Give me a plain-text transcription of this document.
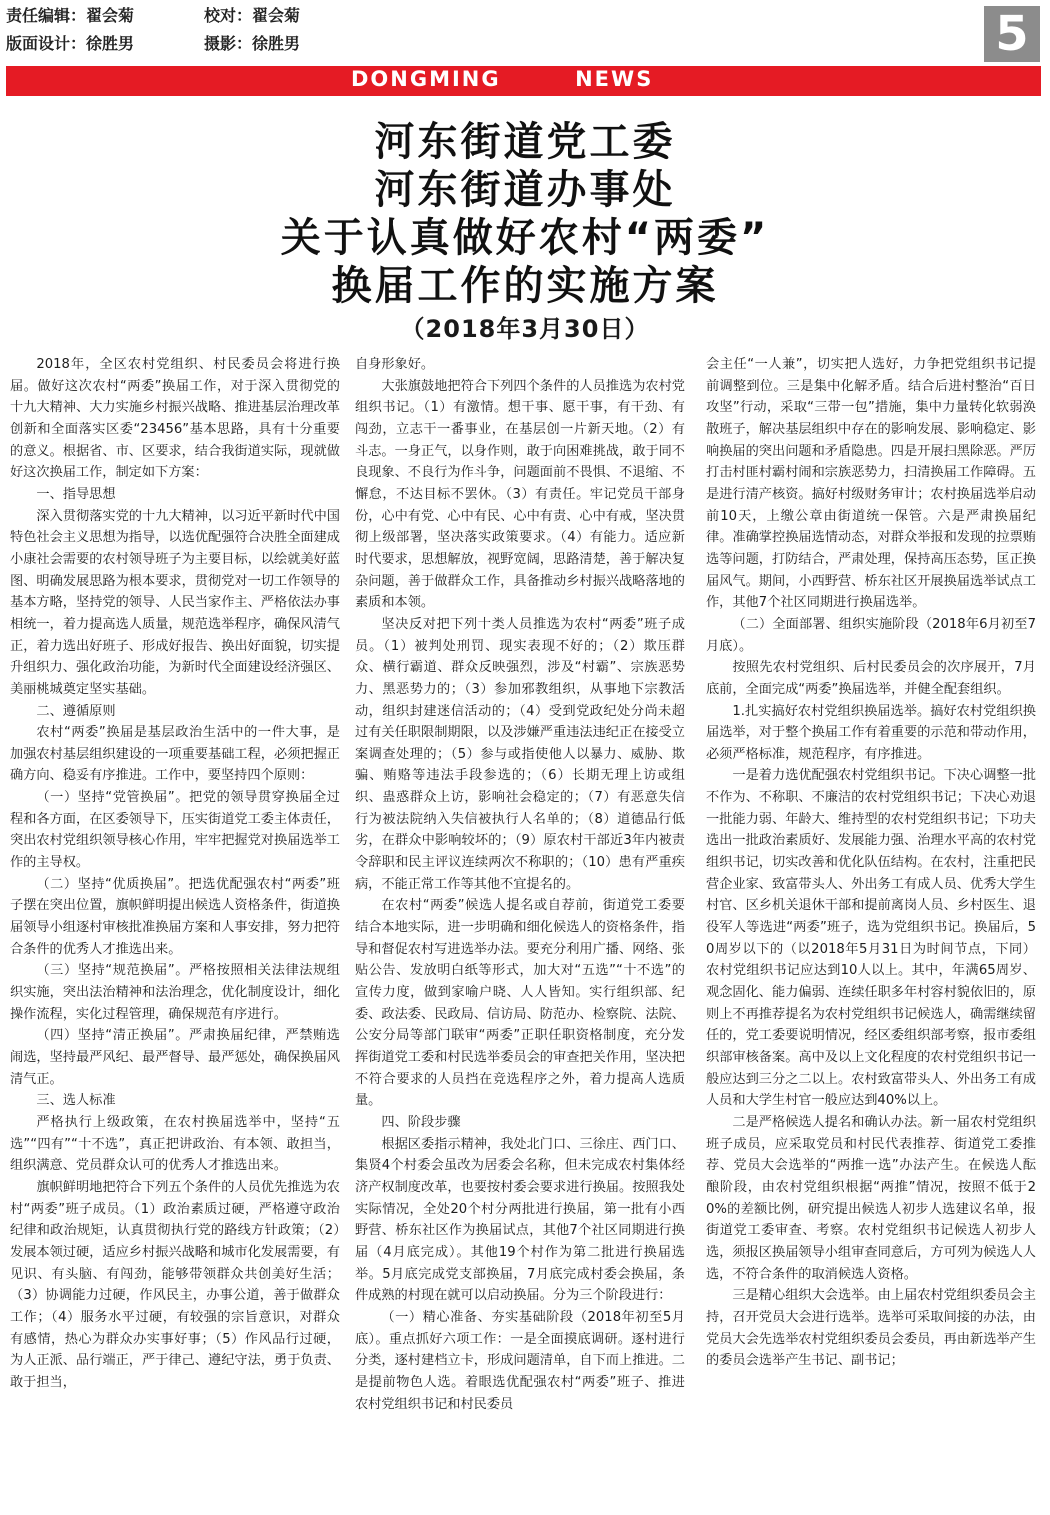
责任编辑：翟会菊	校对：翟会菊
版面设计：徐胜男	摄影：徐胜男	5
DONGMING        NEWS
河东街道党工委
河东街道办事处
关于认真做好农村“两委”
换届工作的实施方案
（2018年3月30日）

2018年，全区农村党组织、村民委员会将进行换届。做好这次农村“两委”换届工作，对于深入贯彻党的十九大精神、大力实施乡村振兴战略、推进基层治理改革创新和全面落实区委“23456”基本思路，具有十分重要的意义。根据省、市、区要求，结合我街道实际，现就做好这次换届工作，制定如下方案：

一、指导思想

深入贯彻落实党的十九大精神，以习近平新时代中国特色社会主义思想为指导，以选优配强符合决胜全面建成小康社会需要的农村领导班子为主要目标，以绘就美好蓝图、明确发展思路为根本要求，贯彻党对一切工作领导的基本方略，坚持党的领导、人民当家作主、严格依法办事相统一，着力提高选人质量，规范选举程序，确保风清气正，着力选出好班子、形成好报告、换出好面貌，切实提升组织力、强化政治功能，为新时代全面建设经济强区、美丽桃城奠定坚实基础。

二、遵循原则

农村“两委”换届是基层政治生活中的一件大事，是加强农村基层组织建设的一项重要基础工程，必须把握正确方向、稳妥有序推进。工作中，要坚持四个原则：

（一）坚持“党管换届”。把党的领导贯穿换届全过程和各方面，在区委领导下，压实街道党工委主体责任，突出农村党组织领导核心作用，牢牢把握党对换届选举工作的主导权。

（二）坚持“优质换届”。把选优配强农村“两委”班子摆在突出位置，旗帜鲜明提出候选人资格条件，街道换届领导小组逐村审核批准换届方案和人事安排，努力把符合条件的优秀人才推选出来。

（三）坚持“规范换届”。严格按照相关法律法规组织实施，突出法治精神和法治理念，优化制度设计，细化操作流程，实化过程管理，确保规范有序进行。

（四）坚持“清正换届”。严肃换届纪律，严禁贿选闹选，坚持最严风纪、最严督导、最严惩处，确保换届风清气正。

三、选人标准

严格执行上级政策，在农村换届选举中，坚持“五选”“四有”“十不选”，真正把讲政治、有本领、敢担当，组织满意、党员群众认可的优秀人才推选出来。

旗帜鲜明地把符合下列五个条件的人员优先推选为农村“两委”班子成员。（1）政治素质过硬，严格遵守政治纪律和政治规矩，认真贯彻执行党的路线方针政策；（2）发展本领过硬，适应乡村振兴战略和城市化发展需要，有见识、有头脑、有闯劲，能够带领群众共创美好生活；（3）协调能力过硬，作风民主，办事公道，善于做群众工作；（4）服务水平过硬，有较强的宗旨意识，对群众有感情，热心为群众办实事好事；（5）作风品行过硬，为人正派、品行端正，严于律己、遵纪守法，勇于负责、敢于担当，

自身形象好。

大张旗鼓地把符合下列四个条件的人员推选为农村党组织书记。（1）有激情。想干事、愿干事，有干劲、有闯劲，立志干一番事业，在基层创一片新天地。（2）有斗志。一身正气，以身作则，敢于向困难挑战，敢于同不良现象、不良行为作斗争，问题面前不畏惧、不退缩、不懈怠，不达目标不罢休。（3）有责任。牢记党员干部身份，心中有党、心中有民、心中有责、心中有戒，坚决贯彻上级部署，坚决落实政策要求。（4）有能力。适应新时代要求，思想解放，视野宽阔，思路清楚，善于解决复杂问题，善于做群众工作，具备推动乡村振兴战略落地的素质和本领。

坚决反对把下列十类人员推选为农村“两委”班子成员。（1）被判处刑罚、现实表现不好的；（2）欺压群众、横行霸道、群众反映强烈，涉及“村霸”、宗族恶势力、黑恶势力的；（3）参加邪教组织，从事地下宗教活动，组织封建迷信活动的；（4）受到党政纪处分尚未超过有关任职限制期限，以及涉嫌严重违法违纪正在接受立案调查处理的；（5）参与或指使他人以暴力、威胁、欺骗、贿赂等违法手段参选的；（6）长期无理上访或组织、蛊惑群众上访，影响社会稳定的；（7）有恶意失信行为被法院纳入失信被执行人名单的；（8）道德品行低劣，在群众中影响较坏的；（9）原农村干部近3年内被责令辞职和民主评议连续两次不称职的；（10）患有严重疾病，不能正常工作等其他不宜提名的。

在农村“两委”候选人提名或自荐前，街道党工委要结合本地实际，进一步明确和细化候选人的资格条件，指导和督促农村写进选举办法。要充分利用广播、网络、张贴公告、发放明白纸等形式，加大对“五选”“十不选”的宣传力度，做到家喻户晓、人人皆知。实行组织部、纪委、政法委、民政局、信访局、防范办、检察院、法院、公安分局等部门联审“两委”正职任职资格制度，充分发挥街道党工委和村民选举委员会的审查把关作用，坚决把不符合要求的人员挡在竞选程序之外，着力提高人选质量。

四、阶段步骤

根据区委指示精神，我处北门口、三徐庄、西门口、集贤4个村委会虽改为居委会名称，但未完成农村集体经济产权制度改革，也要按村委会要求进行换届。按照我处实际情况，全处20个村分两批进行换届，第一批有小西野营、桥东社区作为换届试点，其他7个社区同期进行换届（4月底完成）。其他19个村作为第二批进行换届选举。5月底完成党支部换届，7月底完成村委会换届，条件成熟的村现在就可以启动换届。分为三个阶段进行：

（一）精心准备、夯实基础阶段（2018年初至5月底）。重点抓好六项工作：一是全面摸底调研。逐村进行分类，逐村建档立卡，形成问题清单，自下而上推进。二是提前物色人选。着眼选优配强农村“两委”班子、推进农村党组织书记和村民委员

会主任“一人兼”，切实把人选好，力争把党组织书记提前调整到位。三是集中化解矛盾。结合后进村整治“百日攻坚”行动，采取“三带一包”措施，集中力量转化软弱涣散班子，解决基层组织中存在的影响发展、影响稳定、影响换届的突出问题和矛盾隐患。四是开展扫黑除恶。严厉打击村匪村霸村闹和宗族恶势力，扫清换届工作障碍。五是进行清产核资。搞好村级财务审计；农村换届选举启动前10天，上缴公章由街道统一保管。六是严肃换届纪律。准确掌控换届选情动态，对群众举报和发现的拉票贿选等问题，打防结合，严肃处理，保持高压态势，匡正换届风气。期间，小西野营、桥东社区开展换届选举试点工作，其他7个社区同期进行换届选举。

（二）全面部署、组织实施阶段（2018年6月初至7月底）。

按照先农村党组织、后村民委员会的次序展开，7月底前，全面完成“两委”换届选举，并健全配套组织。

1.扎实搞好农村党组织换届选举。搞好农村党组织换届选举，对于整个换届工作有着重要的示范和带动作用，必须严格标准，规范程序，有序推进。

一是着力选优配强农村党组织书记。下决心调整一批不作为、不称职、不廉洁的农村党组织书记；下决心劝退一批能力弱、年龄大、维持型的农村党组织书记；下功夫选出一批政治素质好、发展能力强、治理水平高的农村党组织书记，切实改善和优化队伍结构。在农村，注重把民营企业家、致富带头人、外出务工有成人员、优秀大学生村官、区乡机关退休干部和提前离岗人员、乡村医生、退役军人等选进“两委”班子，选为党组织书记。换届后，50周岁以下的（以2018年5月31日为时间节点，下同）农村党组织书记应达到10人以上。其中，年满65周岁、观念固化、能力偏弱、连续任职多年村容村貌依旧的，原则上不再推荐提名为农村党组织书记候选人，确需继续留任的，党工委要说明情况，经区委组织部考察，报市委组织部审核备案。高中及以上文化程度的农村党组织书记一般应达到三分之二以上。农村致富带头人、外出务工有成人员和大学生村官一般应达到40%以上。

二是严格候选人提名和确认办法。新一届农村党组织班子成员，应采取党员和村民代表推荐、街道党工委推荐、党员大会选举的“两推一选”办法产生。在候选人酝酿阶段，由农村党组织根据“两推”情况，按照不低于20%的差额比例，研究提出候选人初步人选建议名单，报街道党工委审查、考察。农村党组织书记候选人初步人选，须报区换届领导小组审查同意后，方可列为候选人人选，不符合条件的取消候选人资格。

三是精心组织大会选举。由上届农村党组织委员会主持，召开党员大会进行选举。选举可采取间接的办法，由党员大会先选举农村党组织委员会委员，再由新选举产生的委员会选举产生书记、副书记；
